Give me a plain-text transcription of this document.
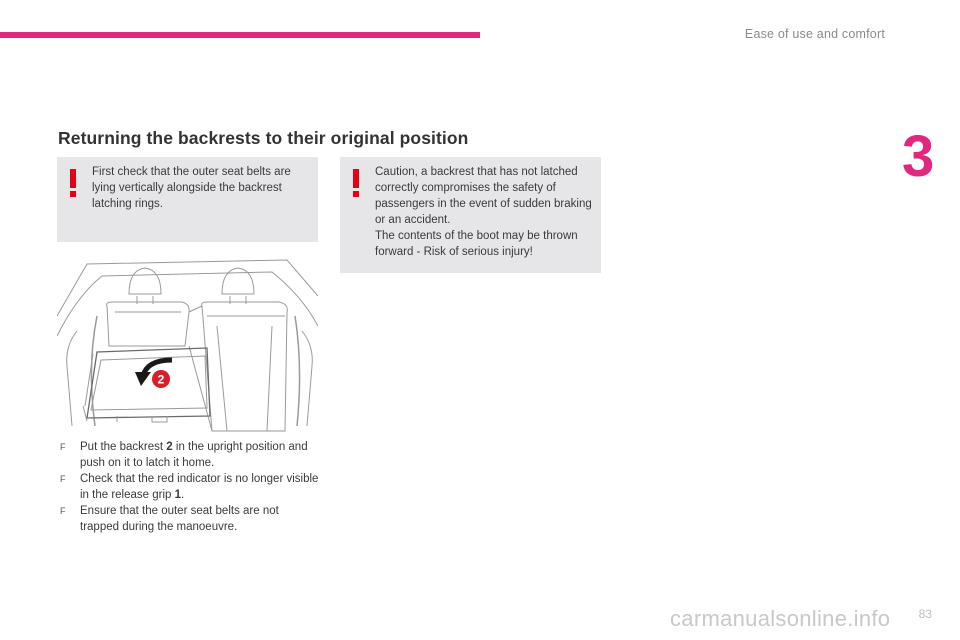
Ease of use and comfort
3
Returning the backrests to their original position
First check that the outer seat belts are lying vertically alongside the backrest latching rings.
Caution, a backrest that has not latched correctly compromises the safety of passengers in the event of sudden braking or an accident.
The contents of the boot may be thrown forward - Risk of serious injury!
2
F Put the backrest 2 in the upright position and push on it to latch it home.
F Check that the red indicator is no longer visible in the release grip 1.
F Ensure that the outer seat belts are not trapped during the manoeuvre.
carmanualsonline.info 83
